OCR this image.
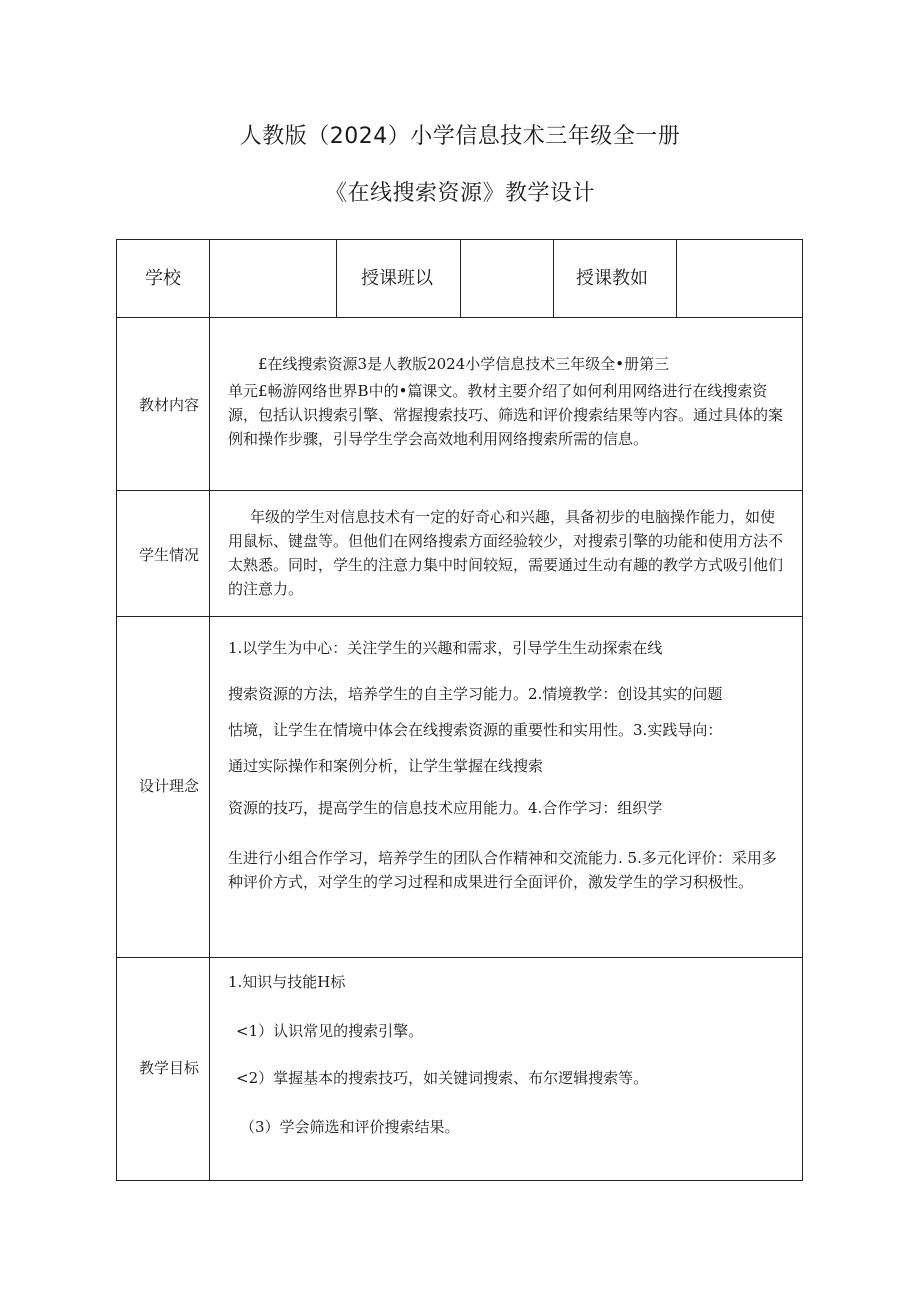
人教版（2024）小学信息技术三年级全一册
《在线搜索资源》教学设计
学校	授课班以	授课教如
教材内容
£在线搜索资源3是人教版2024小学信息技术三年级全•册第三
单元£畅游网络世界B中的•篇课文。教材主要介绍了如何利用网络进行在线搜索资源，包括认识搜索引擎、常握搜索技巧、筛选和评价搜索结果等内容。通过具体的案例和操作步骤，引导学生学会高效地利用网络搜索所需的信息。
学生情况
年级的学生对信息技术有一定的好奇心和兴趣，具备初步的电脑操作能力，如使用鼠标、键盘等。但他们在网络搜索方面经验较少，对搜索引擎的功能和使用方法不太熟悉。同时，学生的注意力集中时间较短，需要通过生动有趣的教学方式吸引他们的注意力。
设计理念
1.以学生为中心：关注学生的兴趣和需求，引导学生生动探索在线
搜索资源的方法，培养学生的自主学习能力。2.情境教学：创设其实的问题
怙境，让学生在情境中体会在线搜索资源的重要性和实用性。3.实践导向：
通过实际操作和案例分析，让学生掌握在线搜索
资源的技巧，提高学生的信息技术应用能力。4.合作学习：组织学
生进行小组合作学习，培养学生的团队合作精神和交流能力. 5.多元化评价：采用多种评价方式，对学生的学习过程和成果进行全面评价，激发学生的学习积极性。
教学目标
1.知识与技能H标
<1）认识常见的搜索引擎。
<2）掌握基本的搜索技巧，如关键词搜索、布尔逻辑搜索等。
（3）学会筛选和评价搜索结果。
